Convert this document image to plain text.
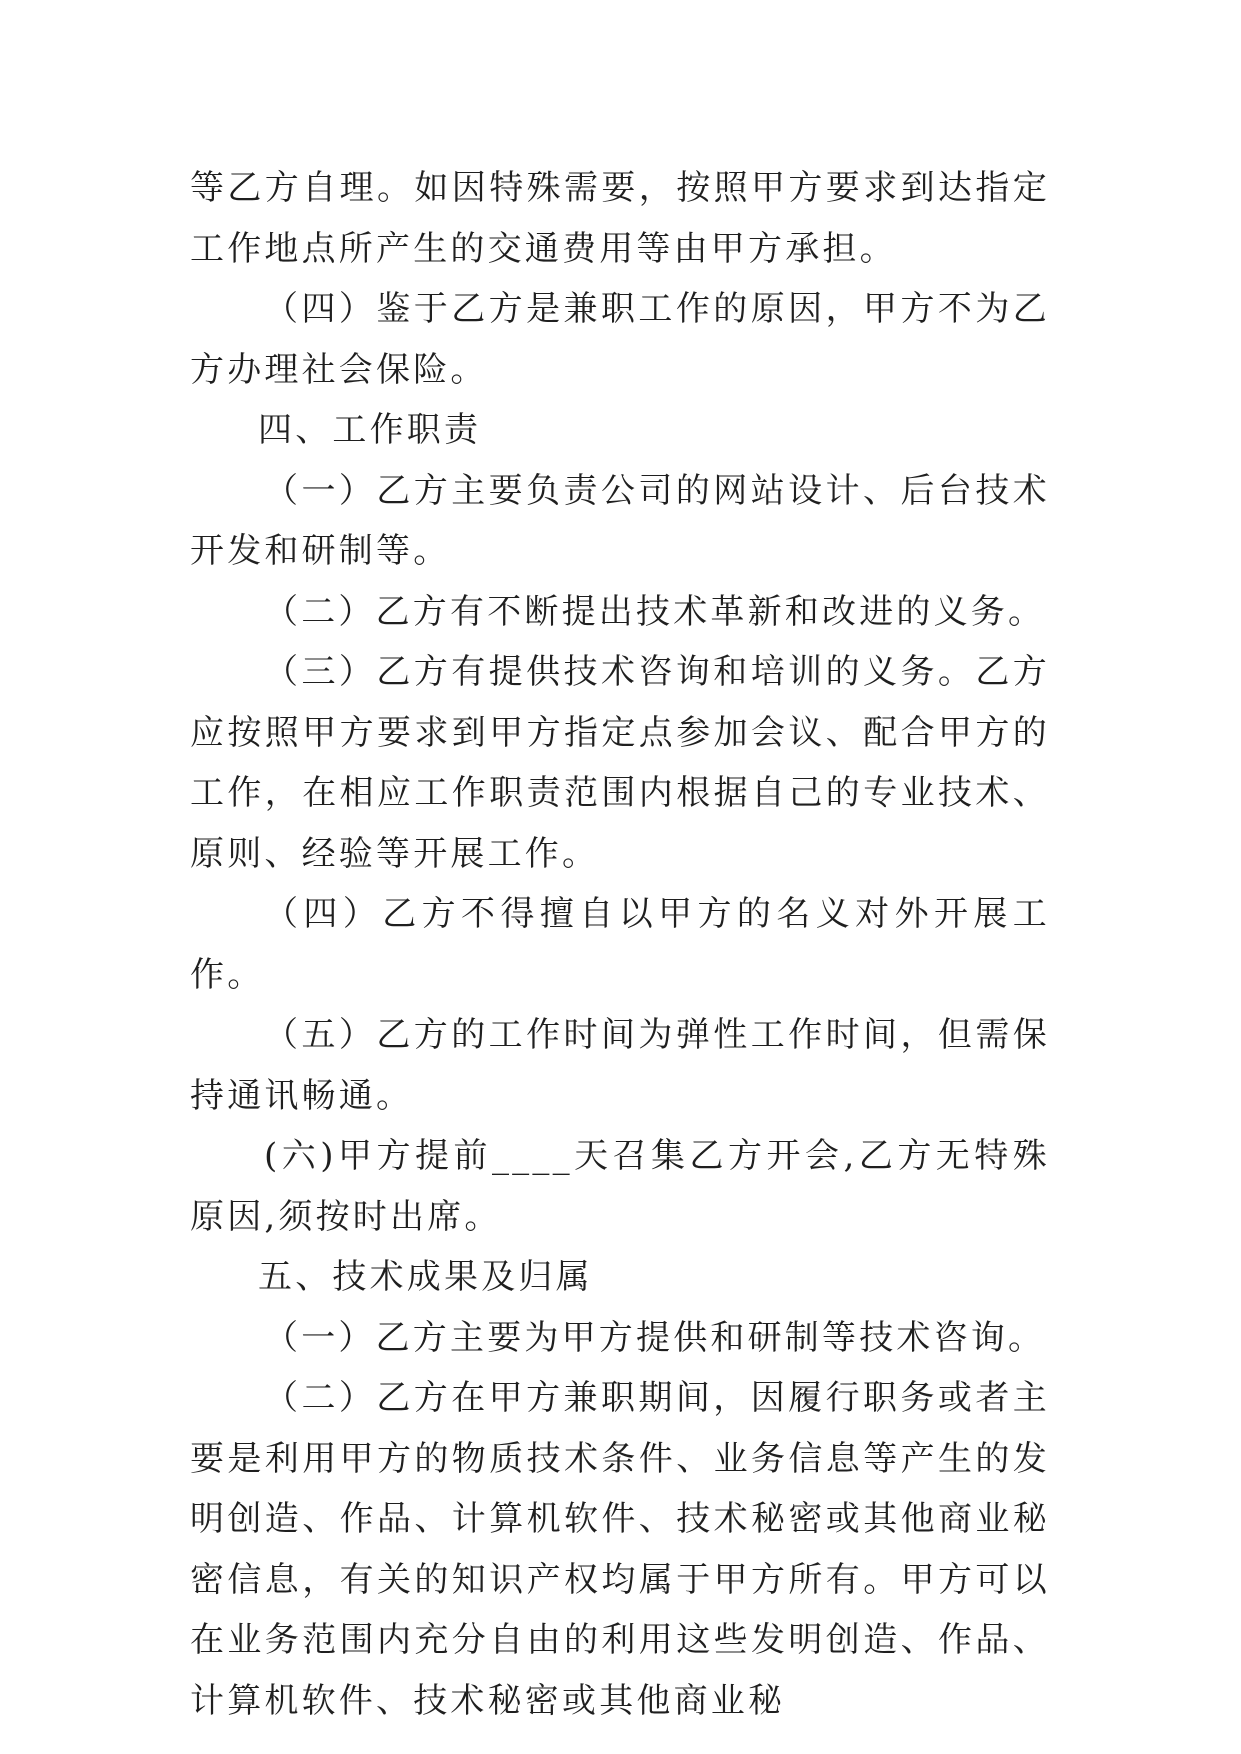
等乙方自理。如因特殊需要，按照甲方要求到达指定工作地点所产生的交通费用等由甲方承担。

（四）鉴于乙方是兼职工作的原因，甲方不为乙方办理社会保险。

四、工作职责

（一）乙方主要负责公司的网站设计、后台技术开发和研制等。

（二）乙方有不断提出技术革新和改进的义务。

（三）乙方有提供技术咨询和培训的义务。乙方应按照甲方要求到甲方指定点参加会议、配合甲方的工作，在相应工作职责范围内根据自己的专业技术、原则、经验等开展工作。

（四）乙方不得擅自以甲方的名义对外开展工作。

（五）乙方的工作时间为弹性工作时间，但需保持通讯畅通。

(六)甲方提前____天召集乙方开会,乙方无特殊原因,须按时出席。

五、技术成果及归属

（一）乙方主要为甲方提供和研制等技术咨询。

（二）乙方在甲方兼职期间，因履行职务或者主要是利用甲方的物质技术条件、业务信息等产生的发明创造、作品、计算机软件、技术秘密或其他商业秘密信息，有关的知识产权均属于甲方所有。甲方可以在业务范围内充分自由的利用这些发明创造、作品、计算机软件、技术秘密或其他商业秘
